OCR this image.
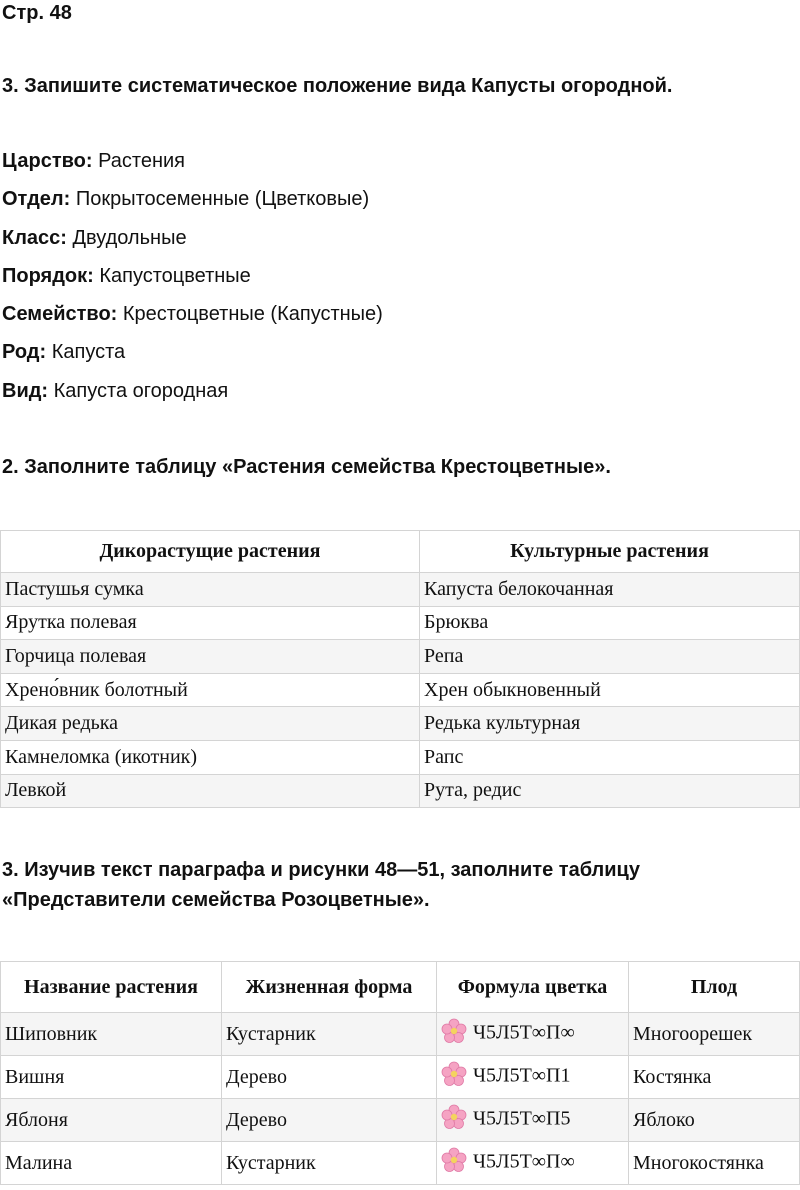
Стр. 48
3. Запишите систематическое положение вида Капусты огородной.
Царство: Растения
Отдел: Покрытосеменные (Цветковые)
Класс: Двудольные
Порядок: Капустоцветные
Семейство: Крестоцветные (Капустные)
Род: Капуста
Вид: Капуста огородная
2. Заполните таблицу «Растения семейства Крестоцветные».
Дикорастущие растения	Культурные растения
Пастушья сумка	Капуста белокочанная
Ярутка полевая	Брюква
Горчица полевая	Репа
Хрено́вник болотный	Хрен обыкновенный
Дикая редька	Редька культурная
Камнеломка (икотник)	Рапс
Левкой	Рута, редис
3. Изучив текст параграфа и рисунки 48—51, заполните таблицу
«Представители семейства Розоцветные».
Название растения	Жизненная форма	Формула цветка	Плод
Шиповник	Кустарник	Ч5Л5Т∞П∞	Многоорешек
Вишня	Дерево	Ч5Л5Т∞П1	Костянка
Яблоня	Дерево	Ч5Л5Т∞П5	Яблоко
Малина	Кустарник	Ч5Л5Т∞П∞	Многокостянка
